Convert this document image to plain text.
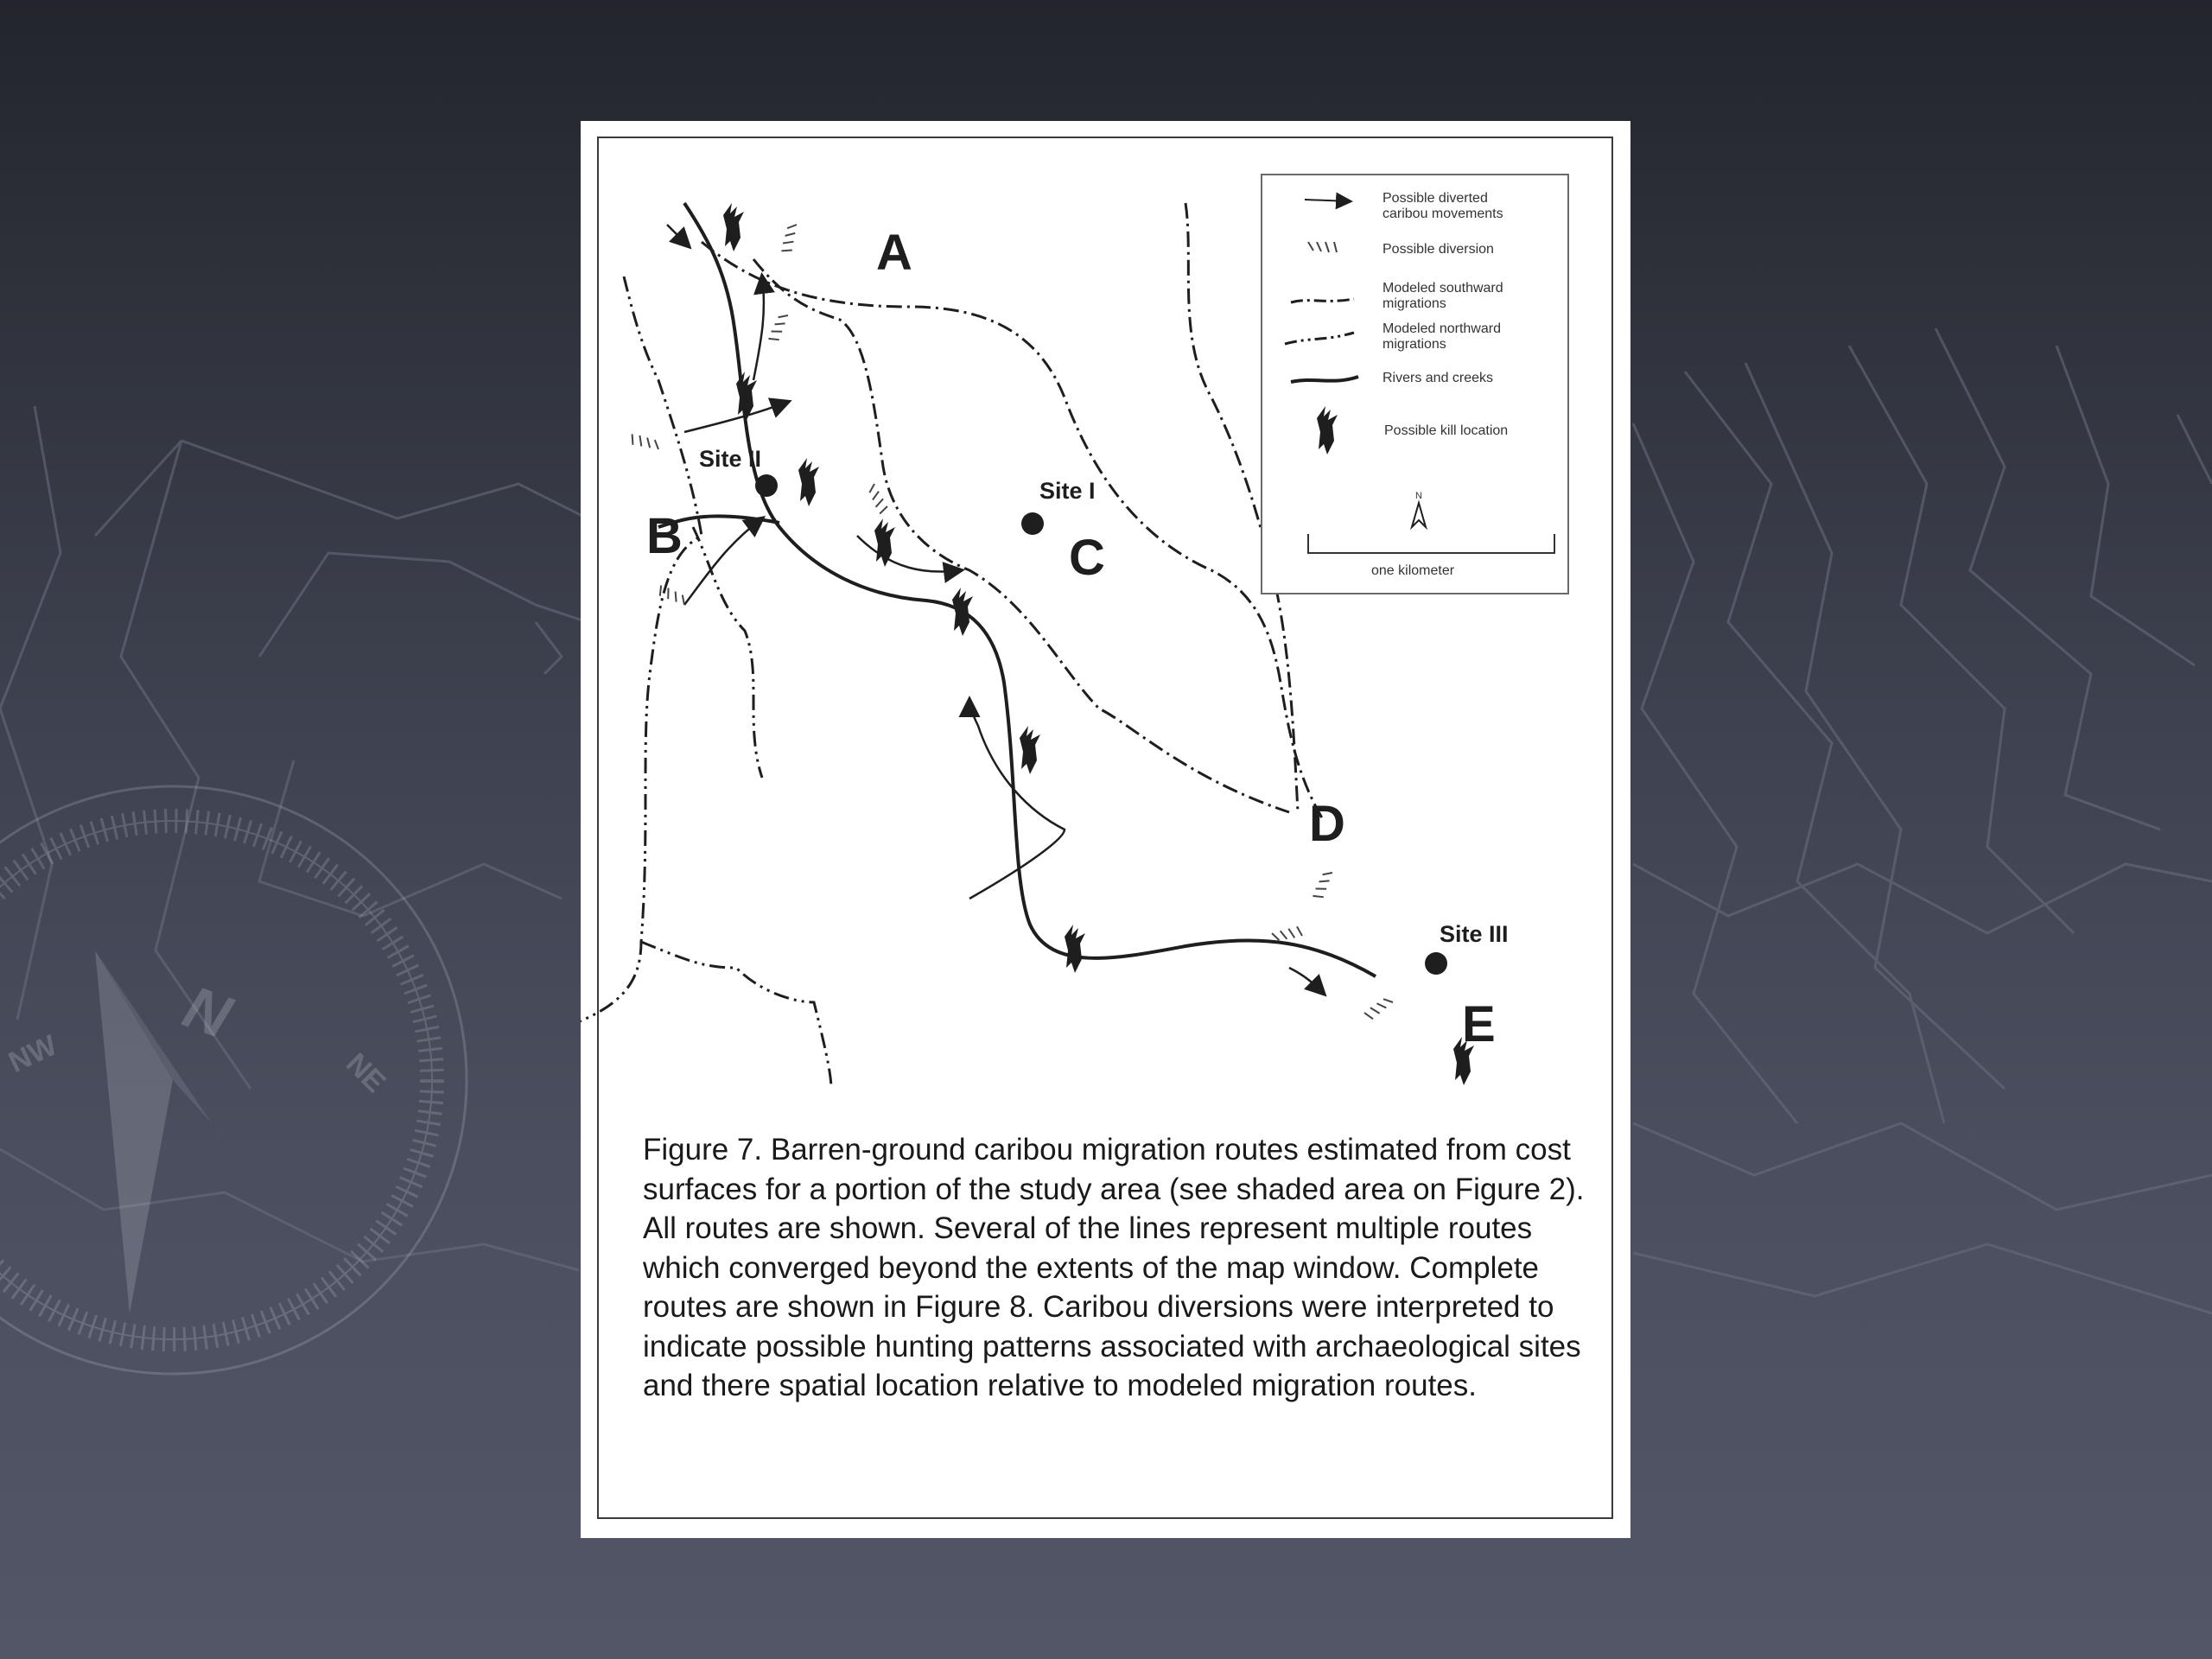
N
NW	NE
Site II
Site I
Site III
A
B	C
D
E
Possible diverted
caribou movements
Possible diversion
Modeled southward
migrations
Modeled northward
migrations
Rivers and creeks
Possible kill location
N
one kilometer

Figure 7. Barren-ground caribou migration routes estimated from cost surfaces for a portion of the study area (see shaded area on Figure 2). All routes are shown. Several of the lines represent multiple routes which converged beyond the extents of the map window. Complete routes are shown in Figure 8. Caribou diversions were interpreted to indicate possible hunting patterns associated with archaeological sites and there spatial location relative to modeled migration routes.
